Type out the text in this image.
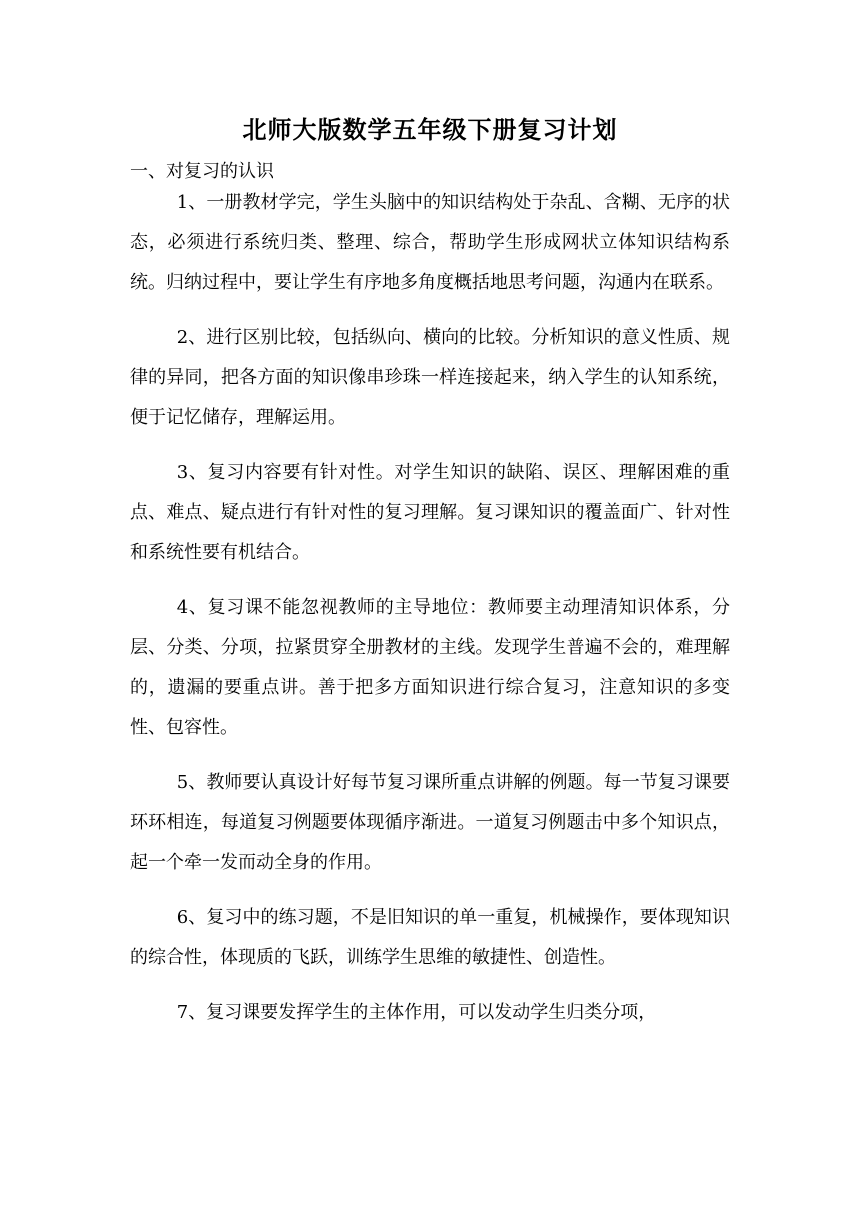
北师大版数学五年级下册复习计划

一、对复习的认识

1、一册教材学完，学生头脑中的知识结构处于杂乱、含糊、无序的状态，必须进行系统归类、整理、综合，帮助学生形成网状立体知识结构系统。归纳过程中，要让学生有序地多角度概括地思考问题，沟通内在联系。

2、进行区别比较，包括纵向、横向的比较。分析知识的意义性质、规律的异同，把各方面的知识像串珍珠一样连接起来，纳入学生的认知系统，便于记忆储存，理解运用。

3、复习内容要有针对性。对学生知识的缺陷、误区、理解困难的重点、难点、疑点进行有针对性的复习理解。复习课知识的覆盖面广、针对性和系统性要有机结合。

4、复习课不能忽视教师的主导地位：教师要主动理清知识体系，分层、分类、分项，拉紧贯穿全册教材的主线。发现学生普遍不会的，难理解的，遗漏的要重点讲。善于把多方面知识进行综合复习，注意知识的多变性、包容性。

5、教师要认真设计好每节复习课所重点讲解的例题。每一节复习课要环环相连，每道复习例题要体现循序渐进。一道复习例题击中多个知识点，起一个牵一发而动全身的作用。

6、复习中的练习题，不是旧知识的单一重复，机械操作，要体现知识的综合性，体现质的飞跃，训练学生思维的敏捷性、创造性。

7、复习课要发挥学生的主体作用，可以发动学生归类分项，
